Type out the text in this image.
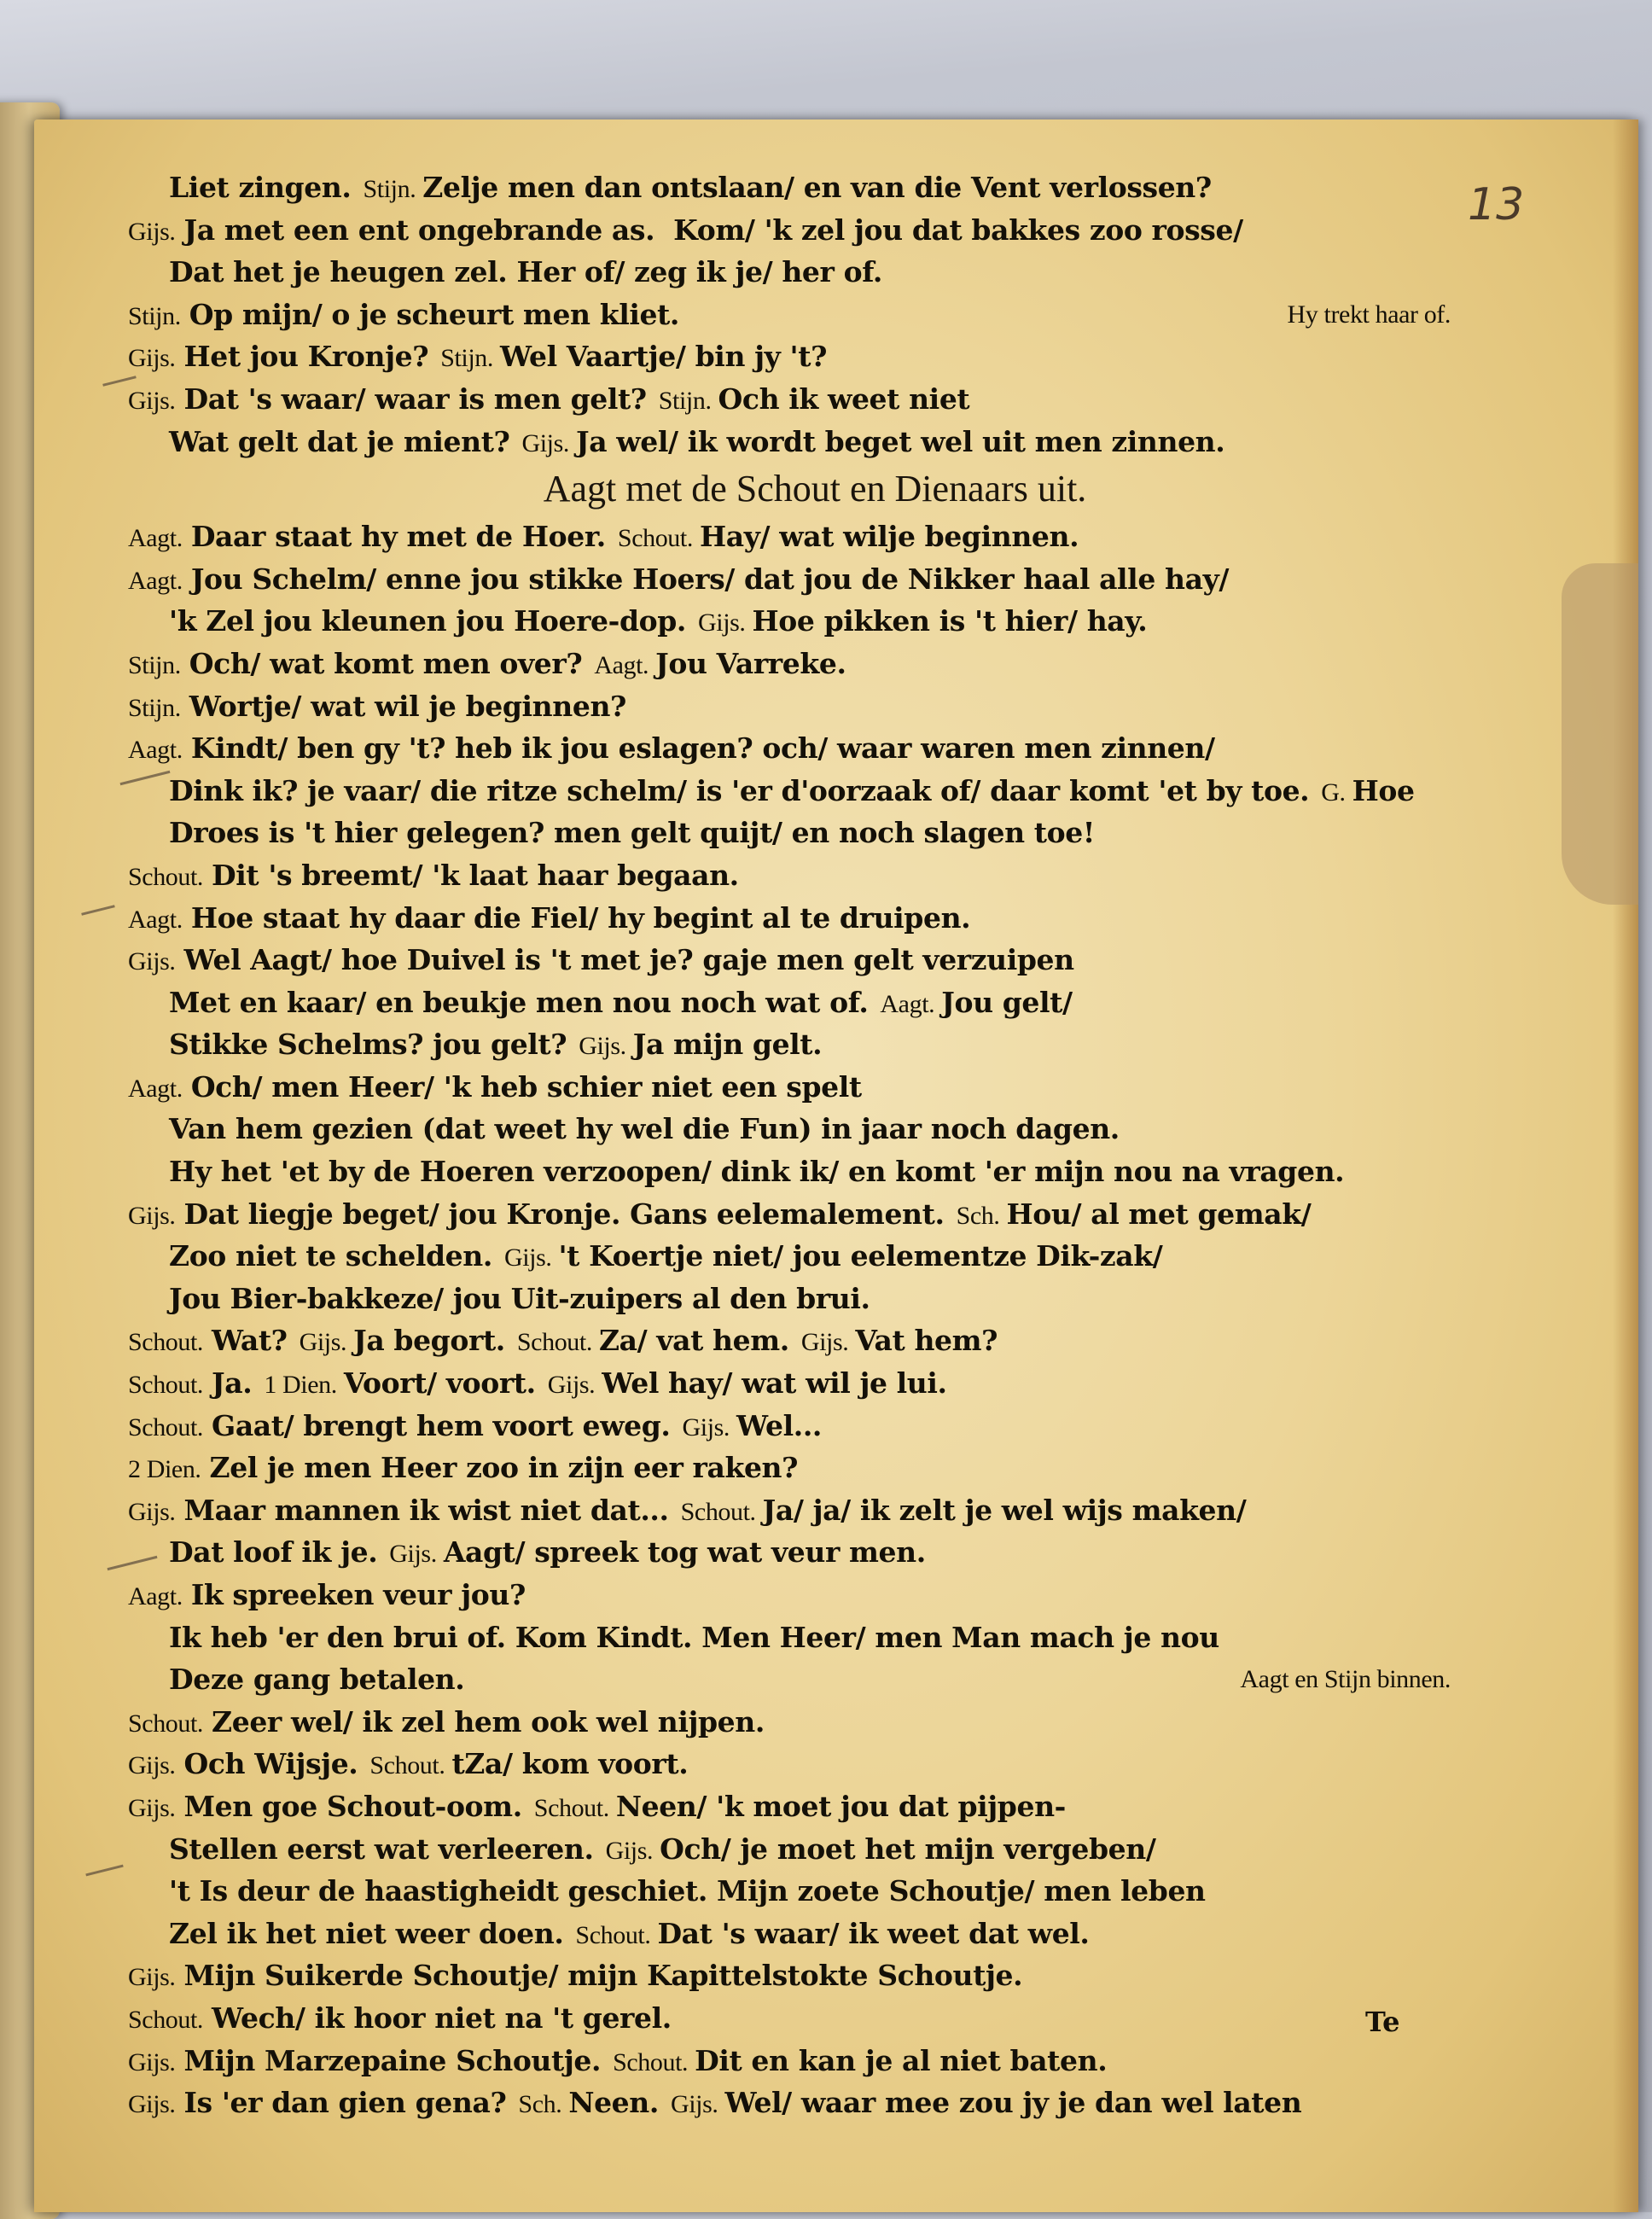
13
Liet zingen. Stijn. Zelje men dan ontslaan/ en van die Vent verlossen?
Gijs. Ja met een ent ongebrande as. Kom/ 'k zel jou dat bakkes zoo rosse/
Dat het je heugen zel. Her of/ zeg ik je/ her of.
Stijn. Op mijn/ o je scheurt men kliet.	Hy trekt haar of.
Gijs. Het jou Kronje? Stijn. Wel Vaartje/ bin jy 't?
Gijs. Dat 's waar/ waar is men gelt? Stijn. Och ik weet niet
Wat gelt dat je mient? Gijs. Ja wel/ ik wordt beget wel uit men zinnen.
Aagt met de Schout en Dienaars uit.
Aagt. Daar staat hy met de Hoer. Schout. Hay/ wat wilje beginnen.
Aagt. Jou Schelm/ enne jou stikke Hoers/ dat jou de Nikker haal alle hay/
'k Zel jou kleunen jou Hoere-dop. Gijs. Hoe pikken is 't hier/ hay.
Stijn. Och/ wat komt men over? Aagt. Jou Varreke.
Stijn. Wortje/ wat wil je beginnen?
Aagt. Kindt/ ben gy 't? heb ik jou eslagen? och/ waar waren men zinnen/
Dink ik? je vaar/ die ritze schelm/ is 'er d'oorzaak of/ daar komt 'et by toe. G. Hoe
Droes is 't hier gelegen? men gelt quijt/ en noch slagen toe!
Schout. Dit 's breemt/ 'k laat haar begaan.
Aagt. Hoe staat hy daar die Fiel/ hy begint al te druipen.
Gijs. Wel Aagt/ hoe Duivel is 't met je? gaje men gelt verzuipen
Met en kaar/ en beukje men nou noch wat of. Aagt. Jou gelt/
Stikke Schelms? jou gelt? Gijs. Ja mijn gelt.
Aagt. Och/ men Heer/ 'k heb schier niet een spelt
Van hem gezien (dat weet hy wel die Fun) in jaar noch dagen.
Hy het 'et by de Hoeren verzoopen/ dink ik/ en komt 'er mijn nou na vragen.
Gijs. Dat liegje beget/ jou Kronje. Gans eelemalement. Sch. Hou/ al met gemak/
Zoo niet te schelden. Gijs. 't Koertje niet/ jou eelementze Dik-zak/
Jou Bier-bakkeze/ jou Uit-zuipers al den brui.
Schout. Wat? Gijs. Ja begort. Schout. Za/ vat hem. Gijs. Vat hem?
Schout. Ja. 1 Dien. Voort/ voort. Gijs. Wel hay/ wat wil je lui.
Schout. Gaat/ brengt hem voort eweg. Gijs. Wel...
2 Dien. Zel je men Heer zoo in zijn eer raken?
Gijs. Maar mannen ik wist niet dat... Schout. Ja/ ja/ ik zelt je wel wijs maken/
Dat loof ik je. Gijs. Aagt/ spreek tog wat veur men.
Aagt. Ik spreeken veur jou?
Ik heb 'er den brui of. Kom Kindt. Men Heer/ men Man mach je nou
Deze gang betalen.	Aagt en Stijn binnen.
Schout. Zeer wel/ ik zel hem ook wel nijpen.
Gijs. Och Wijsje. Schout. tZa/ kom voort.
Gijs. Men goe Schout-oom. Schout. Neen/ 'k moet jou dat pijpen-
Stellen eerst wat verleeren. Gijs. Och/ je moet het mijn vergeben/
't Is deur de haastigheidt geschiet. Mijn zoete Schoutje/ men leben
Zel ik het niet weer doen. Schout. Dat 's waar/ ik weet dat wel.
Gijs. Mijn Suikerde Schoutje/ mijn Kapittelstokte Schoutje.
Schout. Wech/ ik hoor niet na 't gerel.
Gijs. Mijn Marzepaine Schoutje. Schout. Dit en kan je al niet baten.
Gijs. Is 'er dan gien gena? Sch. Neen. Gijs. Wel/ waar mee zou jy je dan wel laten
Te
